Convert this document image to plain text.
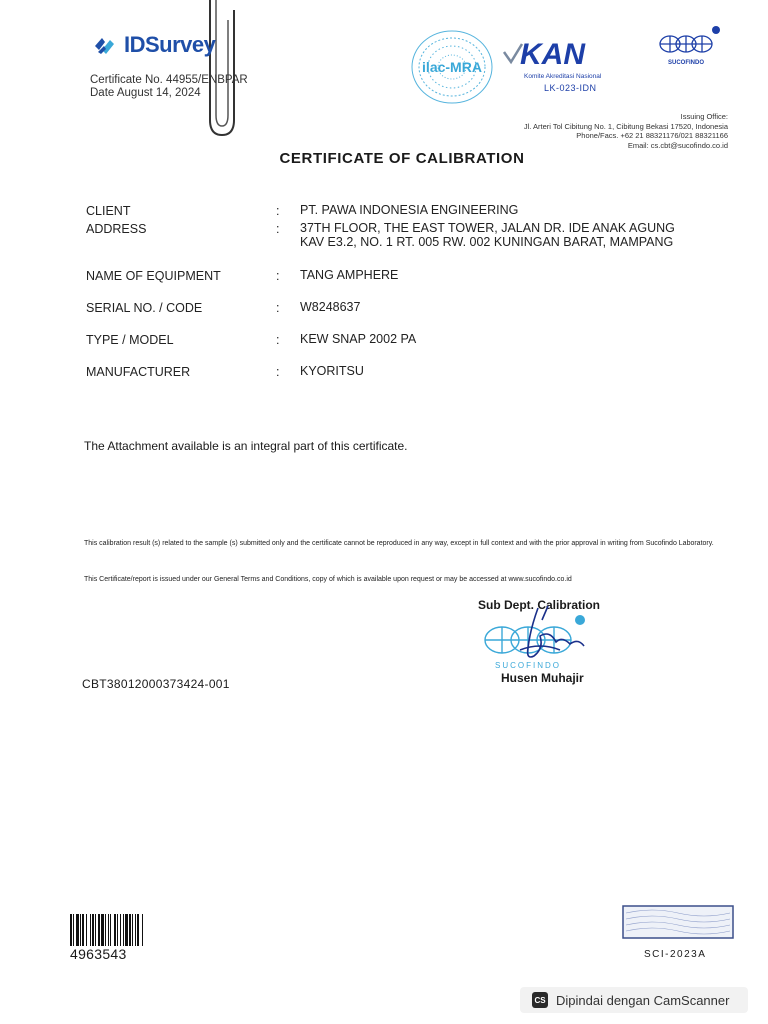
IDSurvey
Certificate No. 44955/ENBPAR
Date August 14, 2024
ilac-MRA KAN
Komite Akreditasi Nasional
LK-023-IDN
SUCOFINDO
Issuing Office:
Jl. Arteri Tol Cibitung No. 1, Cibitung Bekasi 17520, Indonesia
Phone/Facs. +62 21 88321176/021 88321166
Email: cs.cbt@sucofindo.co.id
CERTIFICATE OF CALIBRATION
CLIENT	: PT. PAWA INDONESIA ENGINEERING
ADDRESS	: 37TH FLOOR, THE EAST TOWER, JALAN DR. IDE ANAK AGUNG
KAV E3.2, NO. 1 RT. 005 RW. 002 KUNINGAN BARAT, MAMPANG
NAME OF EQUIPMENT	: TANG AMPHERE
SERIAL NO. / CODE	: W8248637
TYPE / MODEL	: KEW SNAP 2002 PA
MANUFACTURER	: KYORITSU
The Attachment available is an integral part of this certificate.
This calibration result (s) related to the sample (s) submitted only and the certificate cannot be reproduced in any way, except in full context and with the prior approval in writing from Sucofindo Laboratory.
This Certificate/report is issued under our General Terms and Conditions, copy of which is available upon request or may be accessed at www.sucofindo.co.id
Sub Dept. Calibration
SUCOFINDO
Husen Muhajir
CBT38012000373424-001
4963543	SCI-2023A
CS Dipindai dengan CamScanner
